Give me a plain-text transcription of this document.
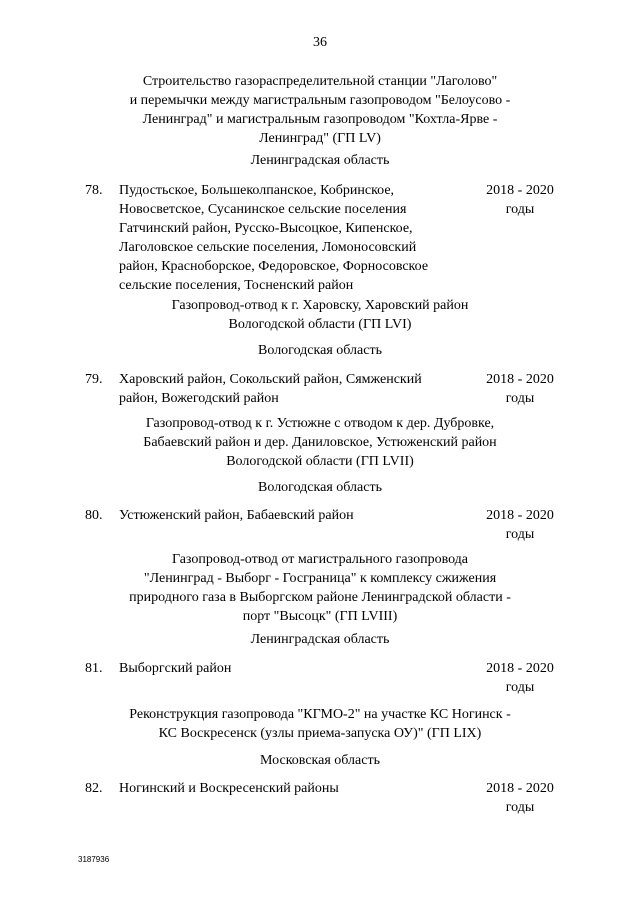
36
Строительство газораспределительной станции "Лаголово"
и перемычки между магистральным газопроводом "Белоусово -
Ленинград" и магистральным газопроводом "Кохтла-Ярве -
Ленинград" (ГП LV)
Ленинградская область
78. Пудостьское, Большеколпанское, Кобринское,
Новосветское, Сусанинское сельские поселения
Гатчинский район, Русско-Высоцкое, Кипенское,
Лаголовское сельские поселения, Ломоносовский
район, Красноборское, Федоровское, Форносовское
сельские поселения, Тосненский район
2018 - 2020
годы
Газопровод-отвод к г. Харовску, Харовский район
Вологодской области (ГП LVI)
Вологодская область
79. Харовский район, Сокольский район, Сямженский
район, Вожегодский район
2018 - 2020
годы
Газопровод-отвод к г. Устюжне с отводом к дер. Дубровке,
Бабаевский район и дер. Даниловское, Устюженский район
Вологодской области (ГП LVII)
Вологодская область
80. Устюженский район, Бабаевский район	2018 - 2020
годы
Газопровод-отвод от магистрального газопровода
"Ленинград - Выборг - Госграница" к комплексу сжижения
природного газа в Выборгском районе Ленинградской области -
порт "Высоцк" (ГП LVIII)
Ленинградская область
81. Выборгский район	2018 - 2020
годы
Реконструкция газопровода "КГМО-2" на участке КС Ногинск -
КС Воскресенск (узлы приема-запуска ОУ)" (ГП LIX)
Московская область
82. Ногинский и Воскресенский районы	2018 - 2020
годы
3187936
